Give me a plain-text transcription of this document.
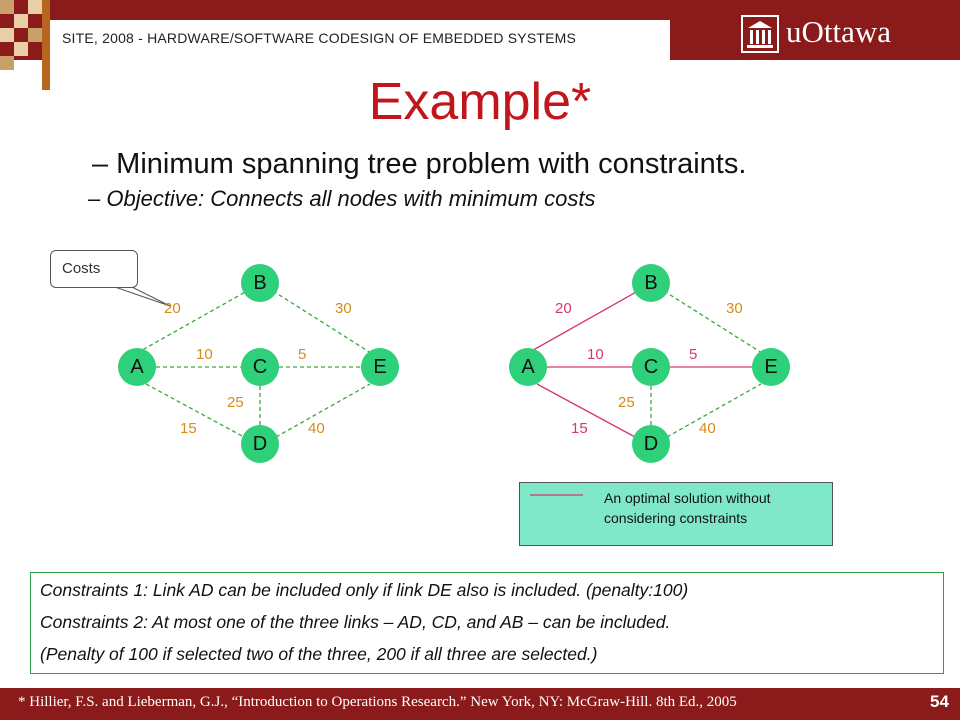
SITE, 2008 - HARDWARE/SOFTWARE CODESIGN OF EMBEDDED SYSTEMS	uOttawa
Example*
– Minimum spanning tree problem with constraints.
– Objective: Connects all nodes with minimum costs
Costs
A
B
C
D
E
20	30
10	5
25
15	40
A
B
C
D
E
20	30
10	5
25
15	40
An optimal solution without
considering constraints
Constraints 1: Link AD can be included only if link DE also is included. (penalty:100)
Constraints 2: At most one of the three links – AD, CD, and AB – can be included.
(Penalty of 100 if selected two of the three, 200 if all three are selected.)
* Hillier, F.S. and Lieberman, G.J., “Introduction to Operations Research.” New York, NY: McGraw-Hill. 8th Ed., 2005	54
